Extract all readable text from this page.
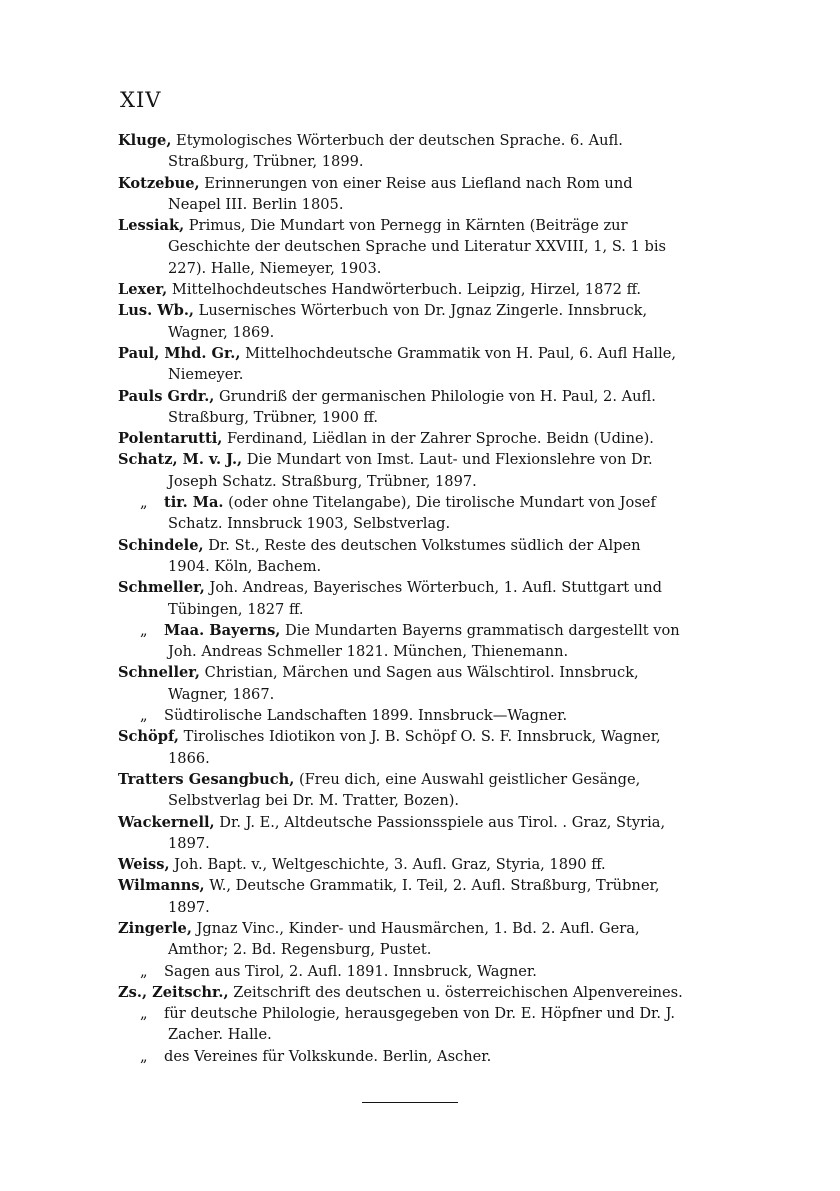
XIV

Kluge, Etymologisches Wörterbuch der deutschen Sprache. 6. Aufl. Straßburg, Trübner, 1899.

Kotzebue, Erinnerungen von einer Reise aus Liefland nach Rom und Neapel III. Berlin 1805.

Lessiak, Primus, Die Mundart von Pernegg in Kärnten (Beiträge zur Geschichte der deutschen Sprache und Literatur XXVIII, 1, S. 1 bis 227). Halle, Niemeyer, 1903.

Lexer, Mittelhochdeutsches Handwörterbuch. Leipzig, Hirzel, 1872 ff.

Lus. Wb., Lusernisches Wörterbuch von Dr. Jgnaz Zingerle. Innsbruck, Wagner, 1869.

Paul, Mhd. Gr., Mittelhochdeutsche Grammatik von H. Paul, 6. Aufl Halle, Niemeyer.

Pauls Grdr., Grundriß der germanischen Philologie von H. Paul, 2. Aufl. Straßburg, Trübner, 1900 ff.

Polentarutti, Ferdinand, Liëdlan in der Zahrer Sproche. Beidn (Udine).

Schatz, M. v. J., Die Mundart von Imst. Laut- und Flexionslehre von Dr. Joseph Schatz. Straßburg, Trübner, 1897.

„ tir. Ma. (oder ohne Titelangabe), Die tirolische Mundart von Josef Schatz. Innsbruck 1903, Selbstverlag.

Schindele, Dr. St., Reste des deutschen Volkstumes südlich der Alpen 1904. Köln, Bachem.

Schmeller, Joh. Andreas, Bayerisches Wörterbuch, 1. Aufl. Stuttgart und Tübingen, 1827 ff.

„ Maa. Bayerns, Die Mundarten Bayerns grammatisch dargestellt von Joh. Andreas Schmeller 1821. München, Thienemann.

Schneller, Christian, Märchen und Sagen aus Wälschtirol. Innsbruck, Wagner, 1867.

„ Südtirolische Landschaften 1899. Innsbruck—Wagner.

Schöpf, Tirolisches Idiotikon von J. B. Schöpf O. S. F. Innsbruck, Wagner, 1866.

Tratters Gesangbuch, (Freu dich, eine Auswahl geistlicher Gesänge, Selbstverlag bei Dr. M. Tratter, Bozen).

Wackernell, Dr. J. E., Altdeutsche Passionsspiele aus Tirol. . Graz, Styria, 1897.

Weiss, Joh. Bapt. v., Weltgeschichte, 3. Aufl. Graz, Styria, 1890 ff.

Wilmanns, W., Deutsche Grammatik, I. Teil, 2. Aufl. Straßburg, Trübner, 1897.

Zingerle, Jgnaz Vinc., Kinder- und Hausmärchen, 1. Bd. 2. Aufl. Gera, Amthor; 2. Bd. Regensburg, Pustet.

„ Sagen aus Tirol, 2. Aufl. 1891. Innsbruck, Wagner.

Zs., Zeitschr., Zeitschrift des deutschen u. österreichischen Alpenvereines.

„ für deutsche Philologie, herausgegeben von Dr. E. Höpfner und Dr. J. Zacher. Halle.

„ des Vereines für Volkskunde. Berlin, Ascher.
